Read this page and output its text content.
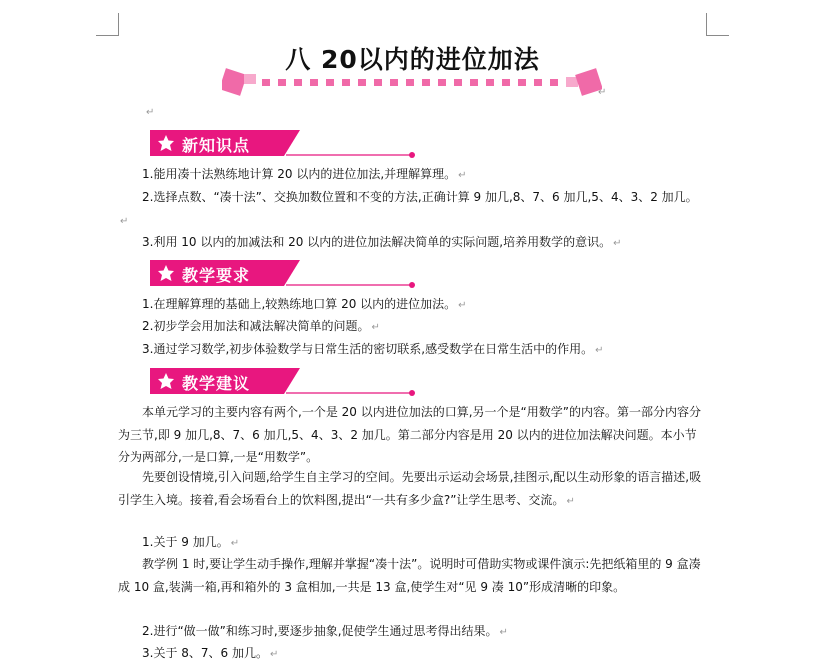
八 20以内的进位加法
↵
↵
新知识点
1.能用凑十法熟练地计算 20 以内的进位加法,并理解算理。 ↵
2.选择点数、“凑十法”、交换加数位置和不变的方法,正确计算 9 加几,8、7、6 加几,5、4、3、2 加几。↵
3.利用 10 以内的加减法和 20 以内的进位加法解决简单的实际问题,培养用数学的意识。 ↵
教学要求
1.在理解算理的基础上,较熟练地口算 20 以内的进位加法。 ↵
2.初步学会用加法和减法解决简单的问题。 ↵
3.通过学习数学,初步体验数学与日常生活的密切联系,感受数学在日常生活中的作用。 ↵
教学建议
本单元学习的主要内容有两个,一个是 20 以内进位加法的口算,另一个是“用数学”的内容。第一部分内容分为三节,即 9 加几,8、7、6 加几,5、4、3、2 加几。第二部分内容是用 20 以内的进位加法解决问题。本小节分为两部分,一是口算,一是“用数学”。
先要创设情境,引入问题,给学生自主学习的空间。先要出示运动会场景,挂图示,配以生动形象的语言描述,吸引学生入境。接着,看会场看台上的饮料图,提出“一共有多少盒?”让学生思考、交流。 ↵
1.关于 9 加几。 ↵
教学例 1 时,要让学生动手操作,理解并掌握“凑十法”。说明时可借助实物或课件演示:先把纸箱里的 9 盒凑成 10 盒,装满一箱,再和箱外的 3 盒相加,一共是 13 盒,使学生对“见 9 凑 10”形成清晰的印象。
2.进行“做一做”和练习时,要逐步抽象,促使学生通过思考得出结果。 ↵
3.关于 8、7、6 加几。 ↵
